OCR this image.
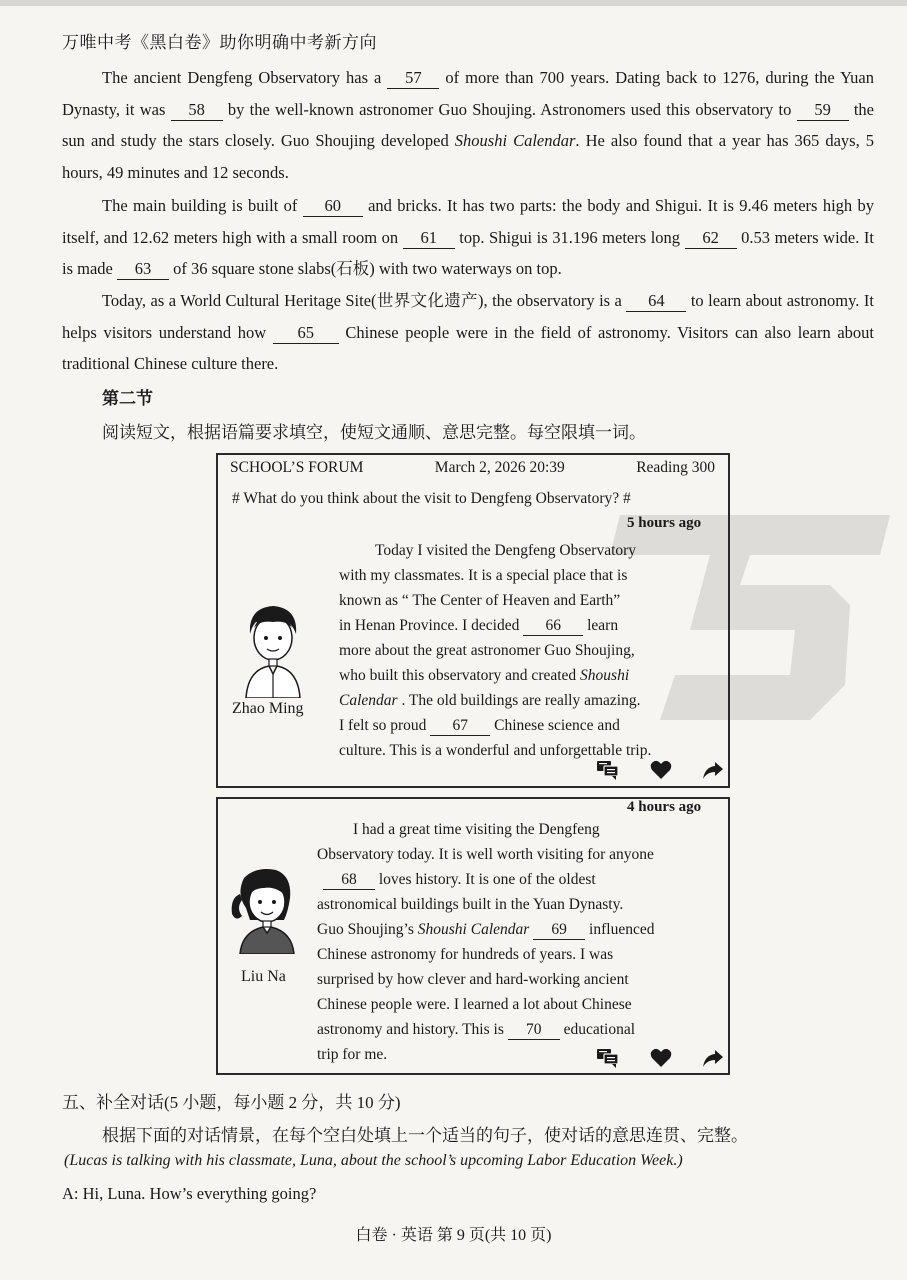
万唯中考《黑白卷》助你明确中考新方向
The ancient Dengfeng Observatory has a 57 of more than 700 years. Dating back to 1276, during the Yuan Dynasty, it was 58 by the well-known astronomer Guo Shoujing. Astronomers used this observatory to 59 the sun and study the stars closely. Guo Shoujing developed Shoushi Calendar. He also found that a year has 365 days, 5 hours, 49 minutes and 12 seconds.
The main building is built of 60 and bricks. It has two parts: the body and Shigui. It is 9.46 meters high by itself, and 12.62 meters high with a small room on 61 top. Shigui is 31.196 meters long 62 0.53 meters wide. It is made 63 of 36 square stone slabs(石板) with two waterways on top.
Today, as a World Cultural Heritage Site(世界文化遗产), the observatory is a 64 to learn about astronomy. It helps visitors understand how 65 Chinese people were in the field of astronomy. Visitors can also learn about traditional Chinese culture there.
第二节
阅读短文，根据语篇要求填空，使短文通顺、意思完整。每空限填一词。
SCHOOL’S FORUM	March 2, 2026 20:39	Reading 300
# What do you think about the visit to Dengfeng Observatory? #
5 hours ago
Zhao Ming
Today I visited the Dengfeng Observatory
with my classmates. It is a special place that is
known as “ The Center of Heaven and Earth”
in Henan Province. I decided 66 learn
more about the great astronomer Guo Shoujing,
who built this observatory and created Shoushi
Calendar . The old buildings are really amazing.
I felt so proud 67 Chinese science and
culture. This is a wonderful and unforgettable trip.
4 hours ago
Liu Na
I had a great time visiting the Dengfeng
Observatory today. It is well worth visiting for anyone
68 loves history. It is one of the oldest
astronomical buildings built in the Yuan Dynasty.
Guo Shoujing’s Shoushi Calendar 69 influenced
Chinese astronomy for hundreds of years. I was
surprised by how clever and hard-working ancient
Chinese people were. I learned a lot about Chinese
astronomy and history. This is 70 educational
trip for me.
五、补全对话(5 小题，每小题 2 分，共 10 分)
根据下面的对话情景，在每个空白处填上一个适当的句子，使对话的意思连贯、完整。
(Lucas is talking with his classmate, Luna, about the school’s upcoming Labor Education Week.)
A: Hi, Luna. How’s everything going?
白卷 · 英语 第 9 页(共 10 页)
